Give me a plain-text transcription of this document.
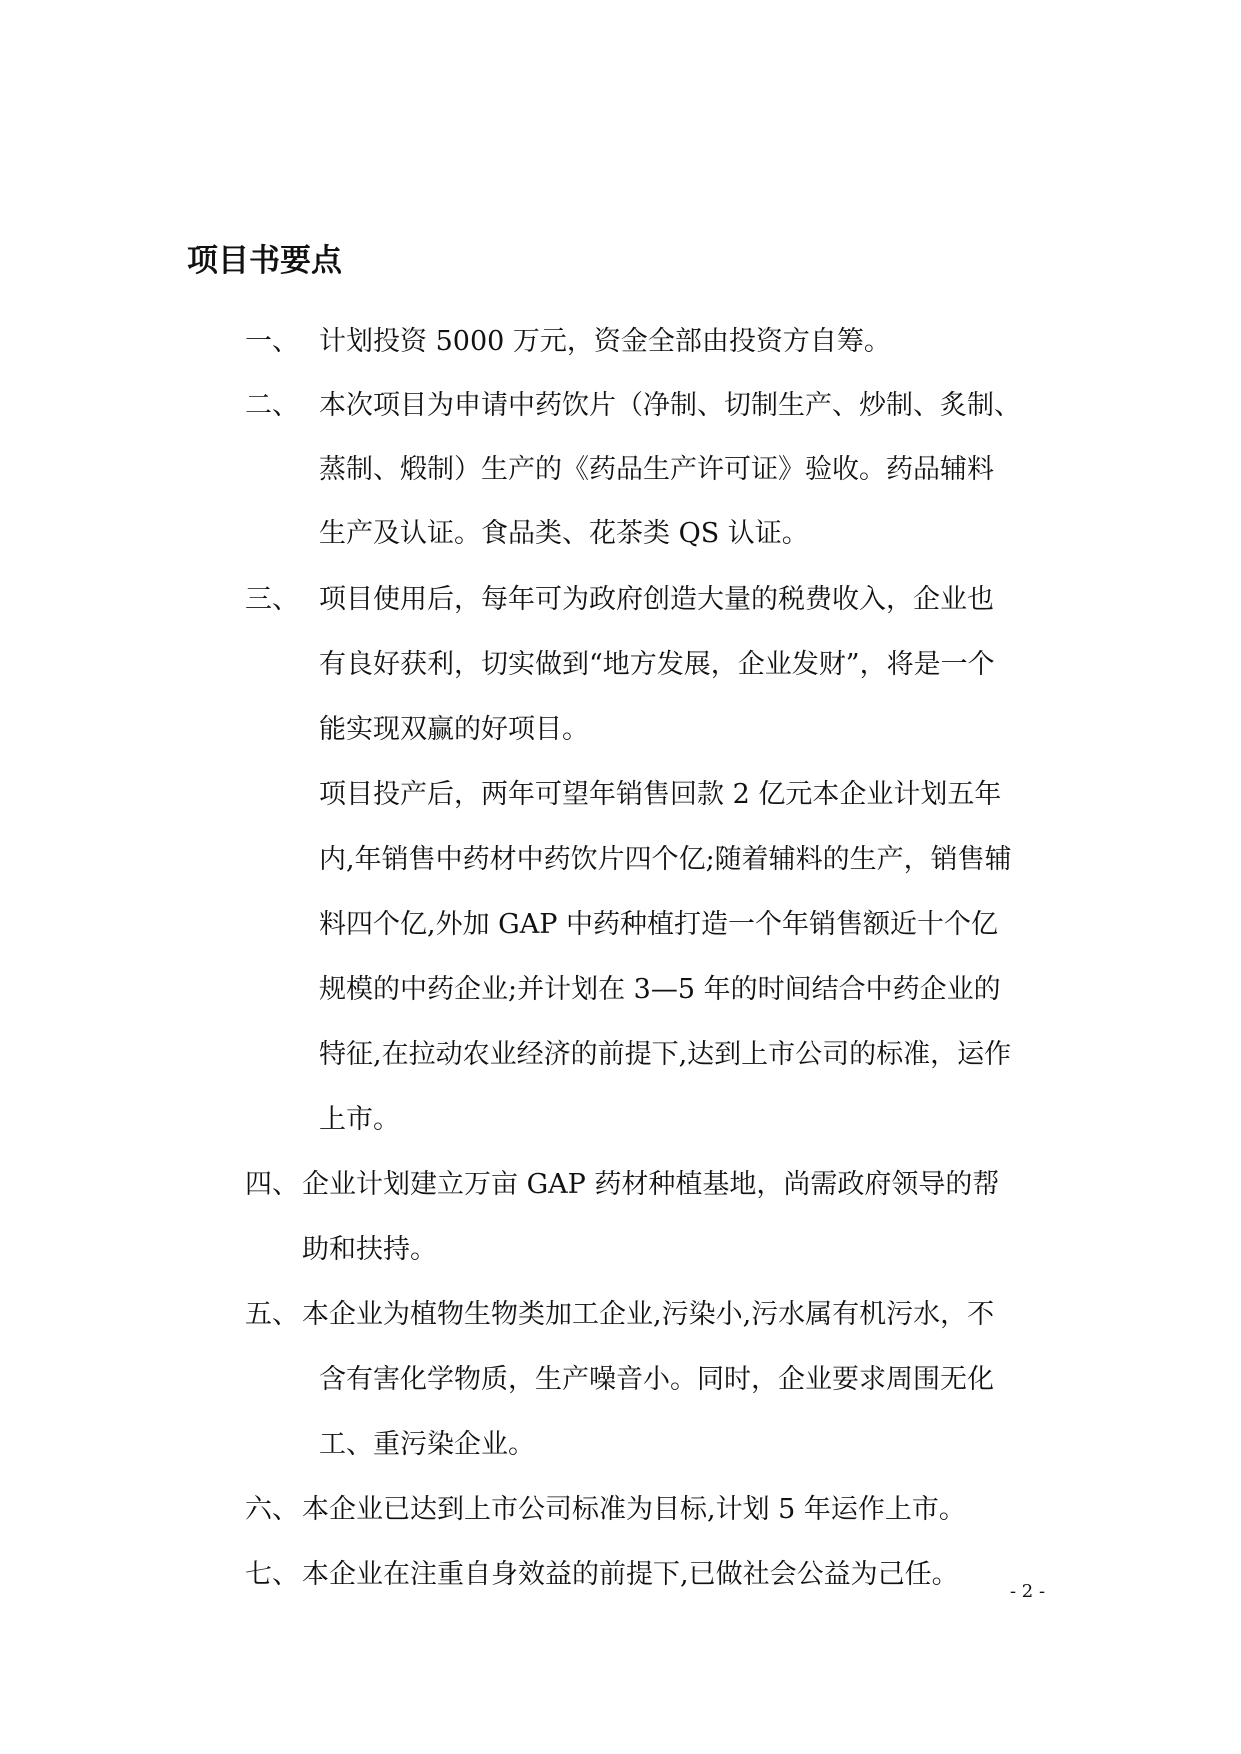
项目书要点
一、 计划投资 5000 万元，资金全部由投资方自筹。
二、 本次项目为申请中药饮片（净制、切制生产、炒制、炙制、
蒸制、煅制）生产的《药品生产许可证》验收。药品辅料
生产及认证。食品类、花茶类 QS 认证。
三、 项目使用后，每年可为政府创造大量的税费收入，企业也
有良好获利，切实做到“地方发展，企业发财”，将是一个
能实现双赢的好项目。
项目投产后，两年可望年销售回款 2 亿元本企业计划五年
内,年销售中药材中药饮片四个亿;随着辅料的生产，销售辅
料四个亿,外加 GAP 中药种植打造一个年销售额近十个亿
规模的中药企业;并计划在 3—5 年的时间结合中药企业的
特征,在拉动农业经济的前提下,达到上市公司的标准，运作
上市。
四、 企业计划建立万亩 GAP 药材种植基地，尚需政府领导的帮
助和扶持。
五、 本企业为植物生物类加工企业,污染小,污水属有机污水，不
含有害化学物质，生产噪音小。同时，企业要求周围无化
工、重污染企业。
六、 本企业已达到上市公司标准为目标,计划 5 年运作上市。
七、 本企业在注重自身效益的前提下,已做社会公益为己任。
- 2 -
